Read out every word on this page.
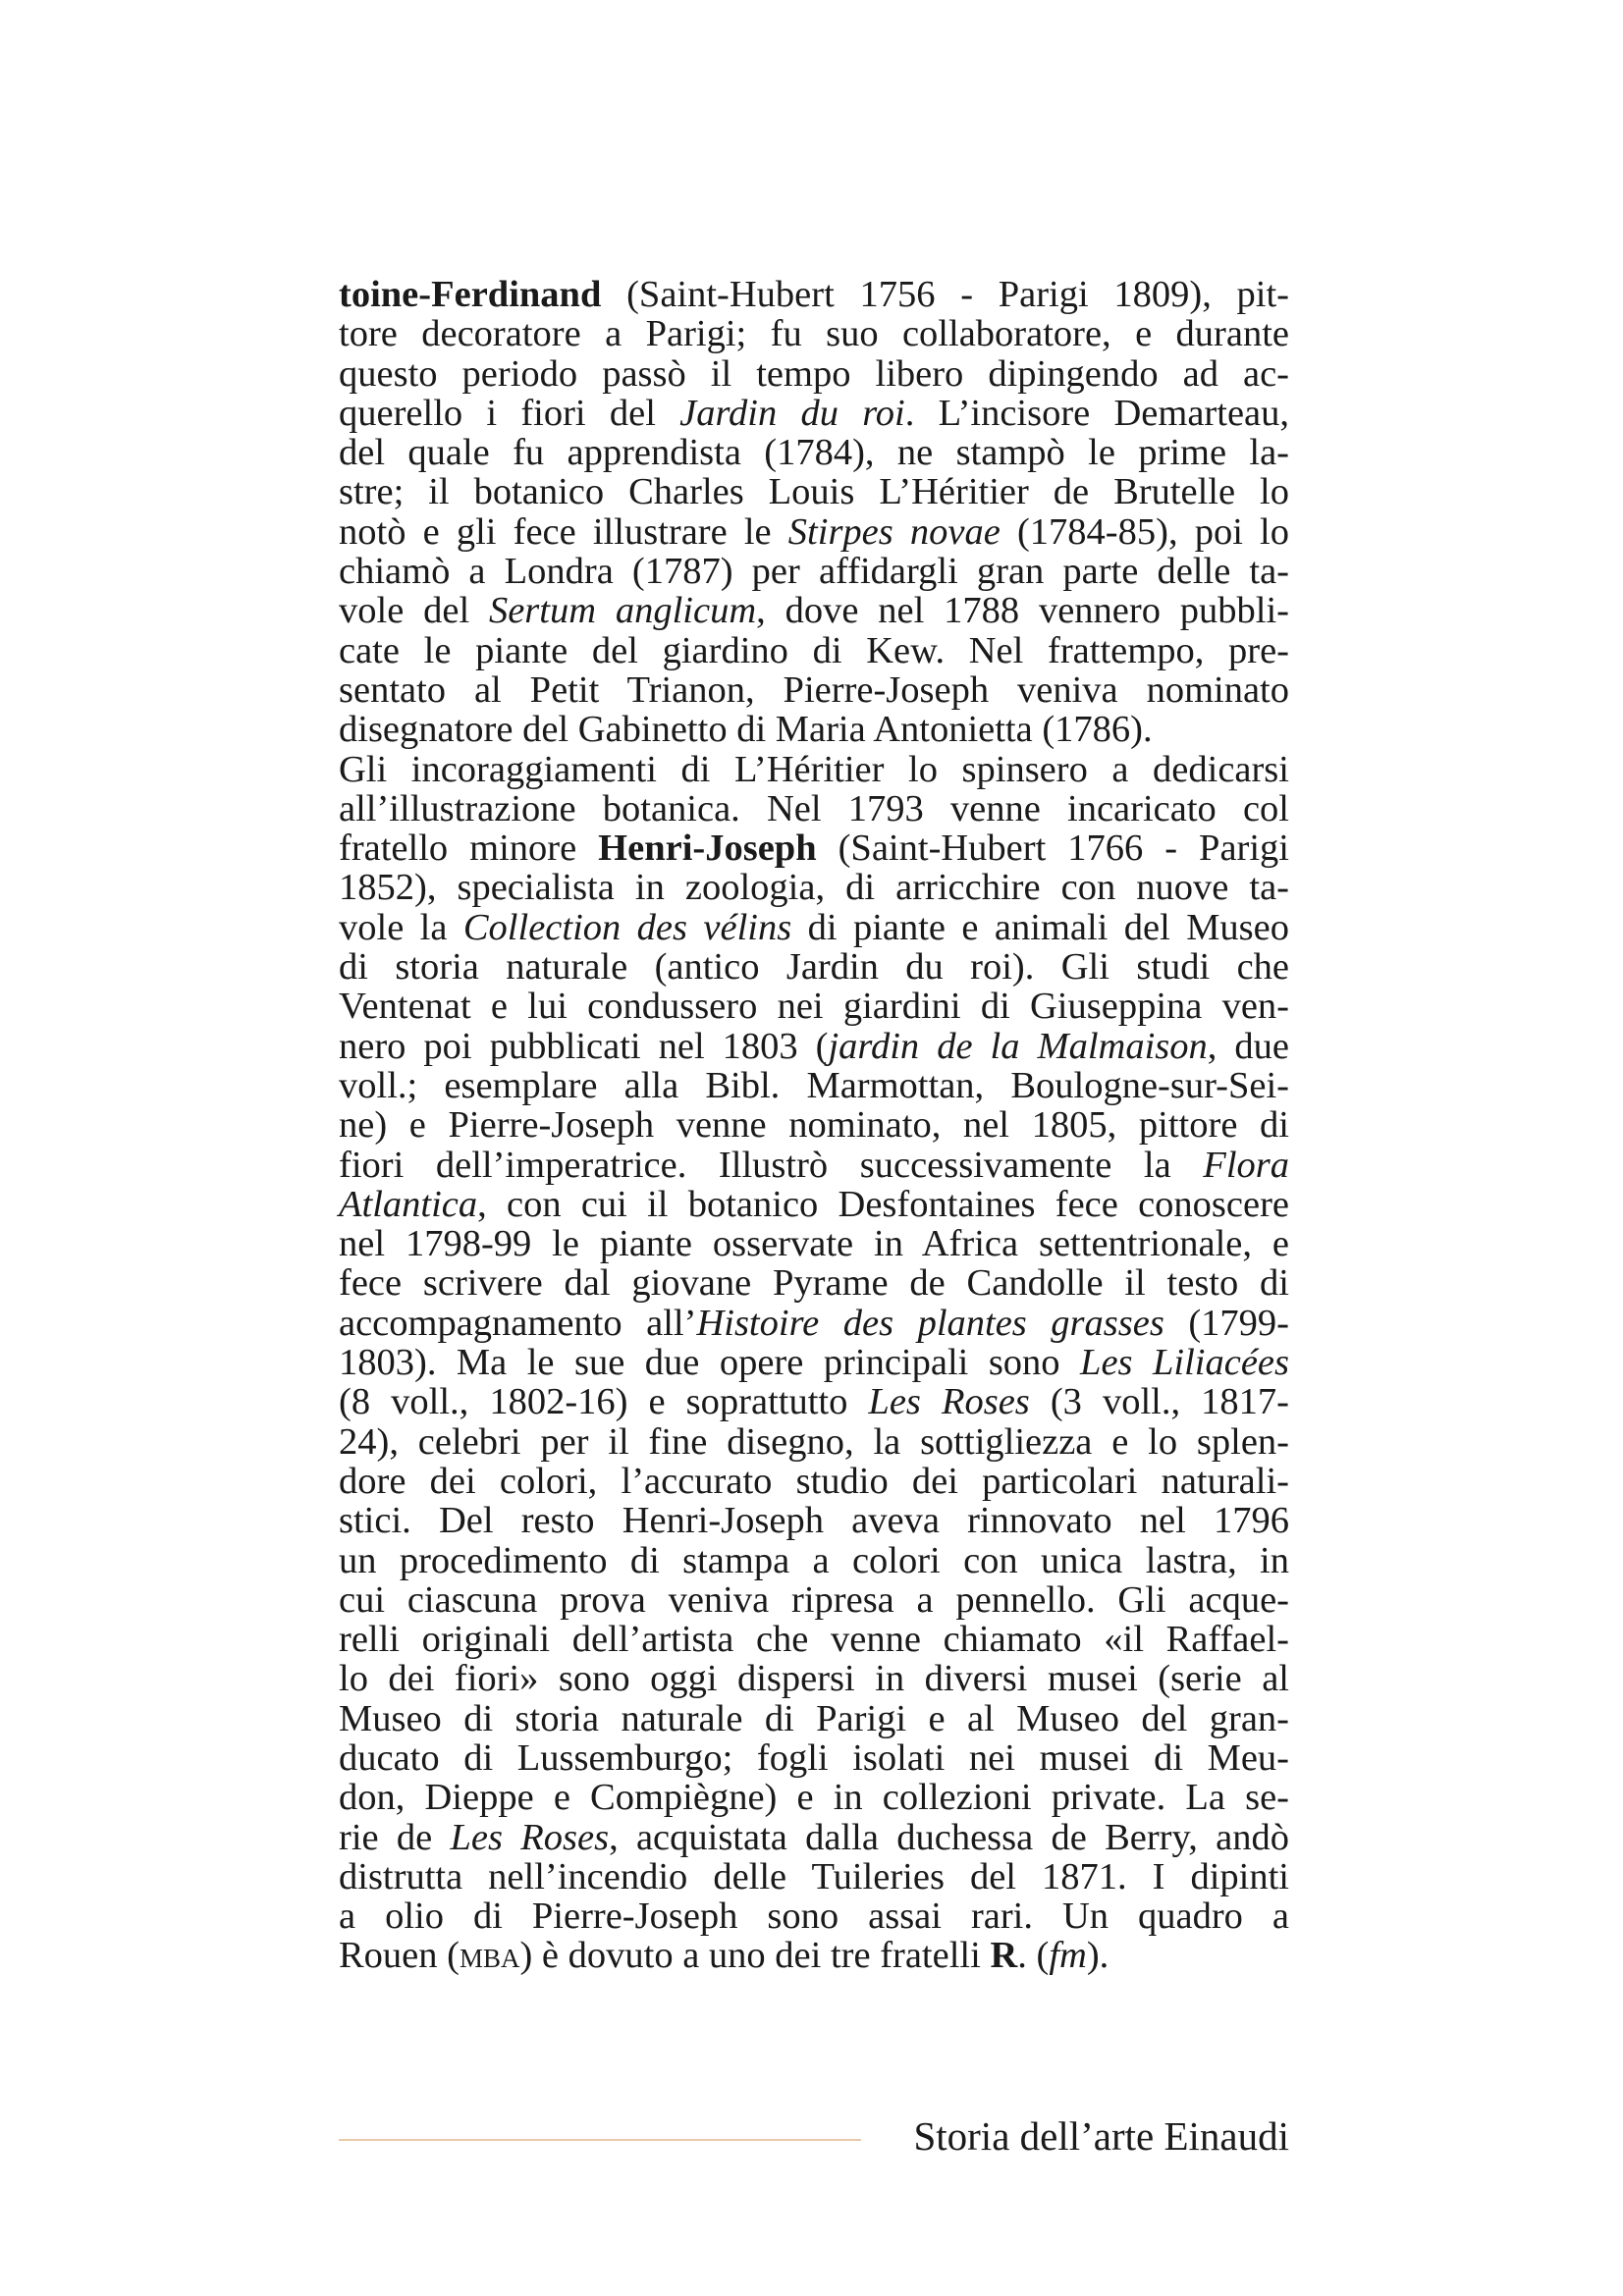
toine-Ferdinand (Saint-Hubert 1756 - Parigi 1809), pit-
tore decoratore a Parigi; fu suo collaboratore, e durante
questo periodo passò il tempo libero dipingendo ad ac-
querello i fiori del Jardin du roi. L’incisore Demarteau,
del quale fu apprendista (1784), ne stampò le prime la-
stre; il botanico Charles Louis L’Héritier de Brutelle lo
notò e gli fece illustrare le Stirpes novae (1784-85), poi lo
chiamò a Londra (1787) per affidargli gran parte delle ta-
vole del Sertum anglicum, dove nel 1788 vennero pubbli-
cate le piante del giardino di Kew. Nel frattempo, pre-
sentato al Petit Trianon, Pierre-Joseph veniva nominato
disegnatore del Gabinetto di Maria Antonietta (1786).
Gli incoraggiamenti di L’Héritier lo spinsero a dedicarsi
all’illustrazione botanica. Nel 1793 venne incaricato col
fratello minore Henri-Joseph (Saint-Hubert 1766 - Parigi
1852), specialista in zoologia, di arricchire con nuove ta-
vole la Collection des vélins di piante e animali del Museo
di storia naturale (antico Jardin du roi). Gli studi che
Ventenat e lui condussero nei giardini di Giuseppina ven-
nero poi pubblicati nel 1803 (jardin de la Malmaison, due
voll.; esemplare alla Bibl. Marmottan, Boulogne-sur-Sei-
ne) e Pierre-Joseph venne nominato, nel 1805, pittore di
fiori dell’imperatrice. Illustrò successivamente la Flora
Atlantica, con cui il botanico Desfontaines fece conoscere
nel 1798-99 le piante osservate in Africa settentrionale, e
fece scrivere dal giovane Pyrame de Candolle il testo di
accompagnamento all’Histoire des plantes grasses (1799-
1803). Ma le sue due opere principali sono Les Liliacées
(8 voll., 1802-16) e soprattutto Les Roses (3 voll., 1817-
24), celebri per il fine disegno, la sottigliezza e lo splen-
dore dei colori, l’accurato studio dei particolari naturali-
stici. Del resto Henri-Joseph aveva rinnovato nel 1796
un procedimento di stampa a colori con unica lastra, in
cui ciascuna prova veniva ripresa a pennello. Gli acque-
relli originali dell’artista che venne chiamato «il Raffael-
lo dei fiori» sono oggi dispersi in diversi musei (serie al
Museo di storia naturale di Parigi e al Museo del gran-
ducato di Lussemburgo; fogli isolati nei musei di Meu-
don, Dieppe e Compiègne) e in collezioni private. La se-
rie de Les Roses, acquistata dalla duchessa de Berry, andò
distrutta nell’incendio delle Tuileries del 1871. I dipinti
a olio di Pierre-Joseph sono assai rari. Un quadro a
Rouen (mba) è dovuto a uno dei tre fratelli R. (fm).
Storia dell’arte Einaudi
